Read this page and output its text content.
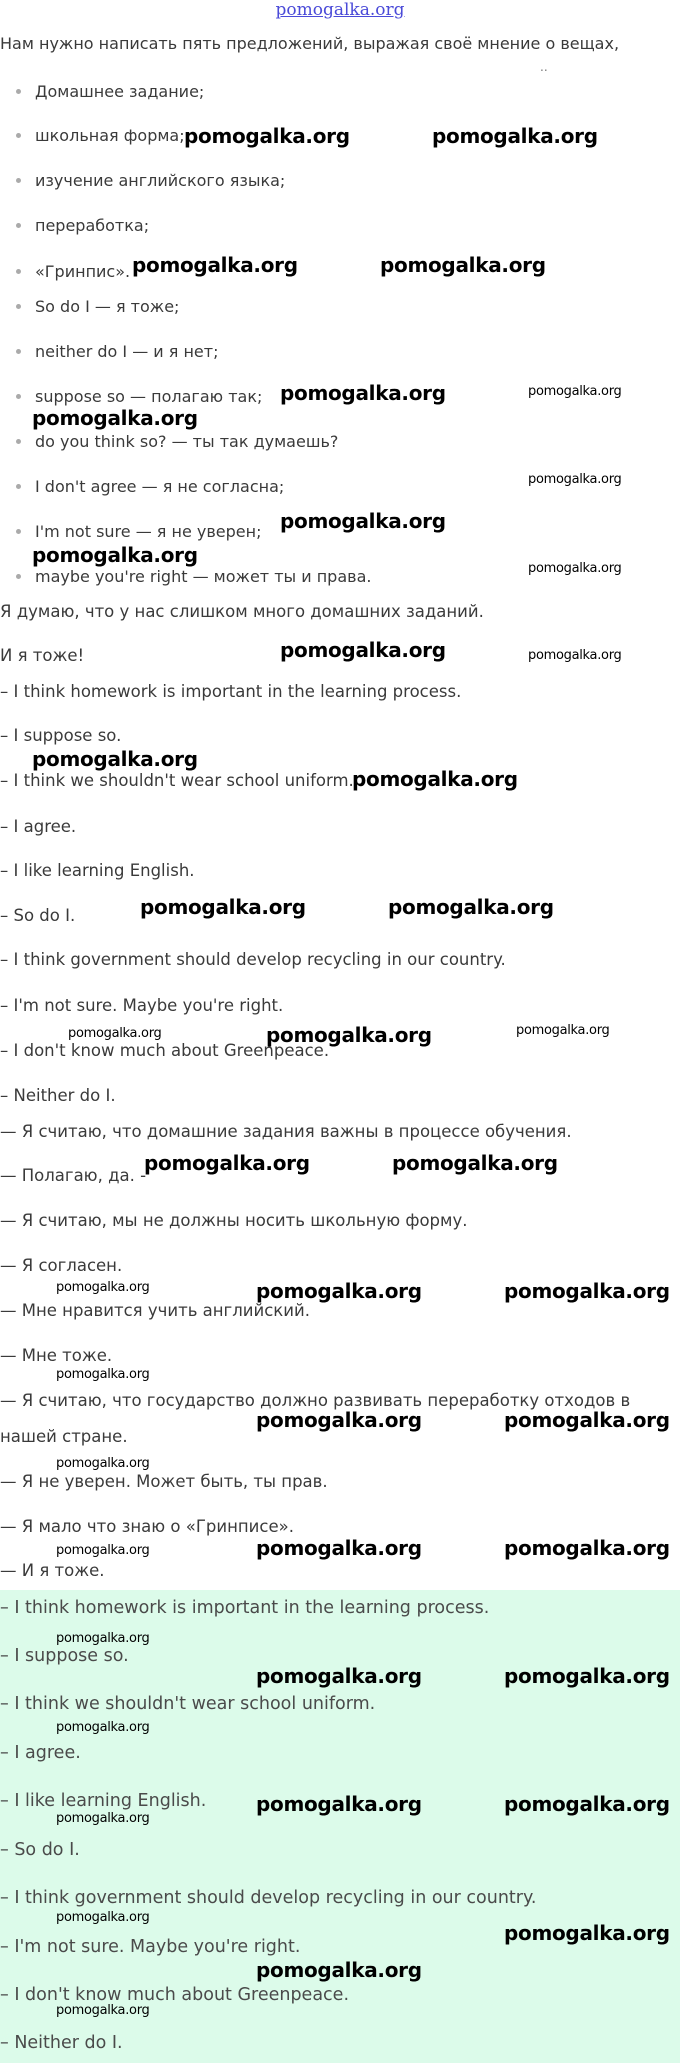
pomogalka.org
Нам нужно написать пять предложений, выражая своё мнение о вещах,
..
Домашнее задание;
школьная форма;
изучение английского языка;
переработка;
«Гринпис».
So do I — я тоже;
neither do I — и я нет;
suppose so — полагаю так;
do you think so? — ты так думаешь?
I don't agree — я не согласна;
I'm not sure — я не уверен;
maybe you're right — может ты и права.
Я думаю, что у нас слишком много домашних заданий.
И я тоже!
– I think homework is important in the learning process.
– I suppose so.
– I think we shouldn't wear school uniform.
– I agree.
– I like learning English.
– So do I.
– I think government should develop recycling in our country.
– I'm not sure. Maybe you're right.
– I don't know much about Greenpeace.
– Neither do I.
— Я считаю, что домашние задания важны в процессе обучения.
— Полагаю, да. -
— Я считаю, мы не должны носить школьную форму.
— Я согласен.
— Мне нравится учить английский.
— Мне тоже.
— Я считаю, что государство должно развивать переработку отходов в нашей стране.
— Я не уверен. Может быть, ты прав.
— Я мало что знаю о «Гринписе».
— И я тоже.
– I think homework is important in the learning process.
– I suppose so.
– I think we shouldn't wear school uniform.
– I agree.
– I like learning English.
– So do I.
– I think government should develop recycling in our country.
– I'm not sure. Maybe you're right.
– I don't know much about Greenpeace.
– Neither do I.
pomogalka.org	pomogalka.org
pomogalka.org	pomogalka.org
pomogalka.org	pomogalka.org
pomogalka.org
pomogalka.org
pomogalka.org
pomogalka.org
pomogalka.org
pomogalka.org	pomogalka.org
pomogalka.org
pomogalka.org
pomogalka.org	pomogalka.org
pomogalka.org	pomogalka.org	pomogalka.org
pomogalka.org	pomogalka.org
pomogalka.org	pomogalka.org	pomogalka.org
pomogalka.org
pomogalka.org	pomogalka.org
pomogalka.org
pomogalka.org	pomogalka.org	pomogalka.org
pomogalka.org
pomogalka.org	pomogalka.org
pomogalka.org
pomogalka.org
pomogalka.org	pomogalka.org
pomogalka.org
pomogalka.org
pomogalka.org
pomogalka.org
